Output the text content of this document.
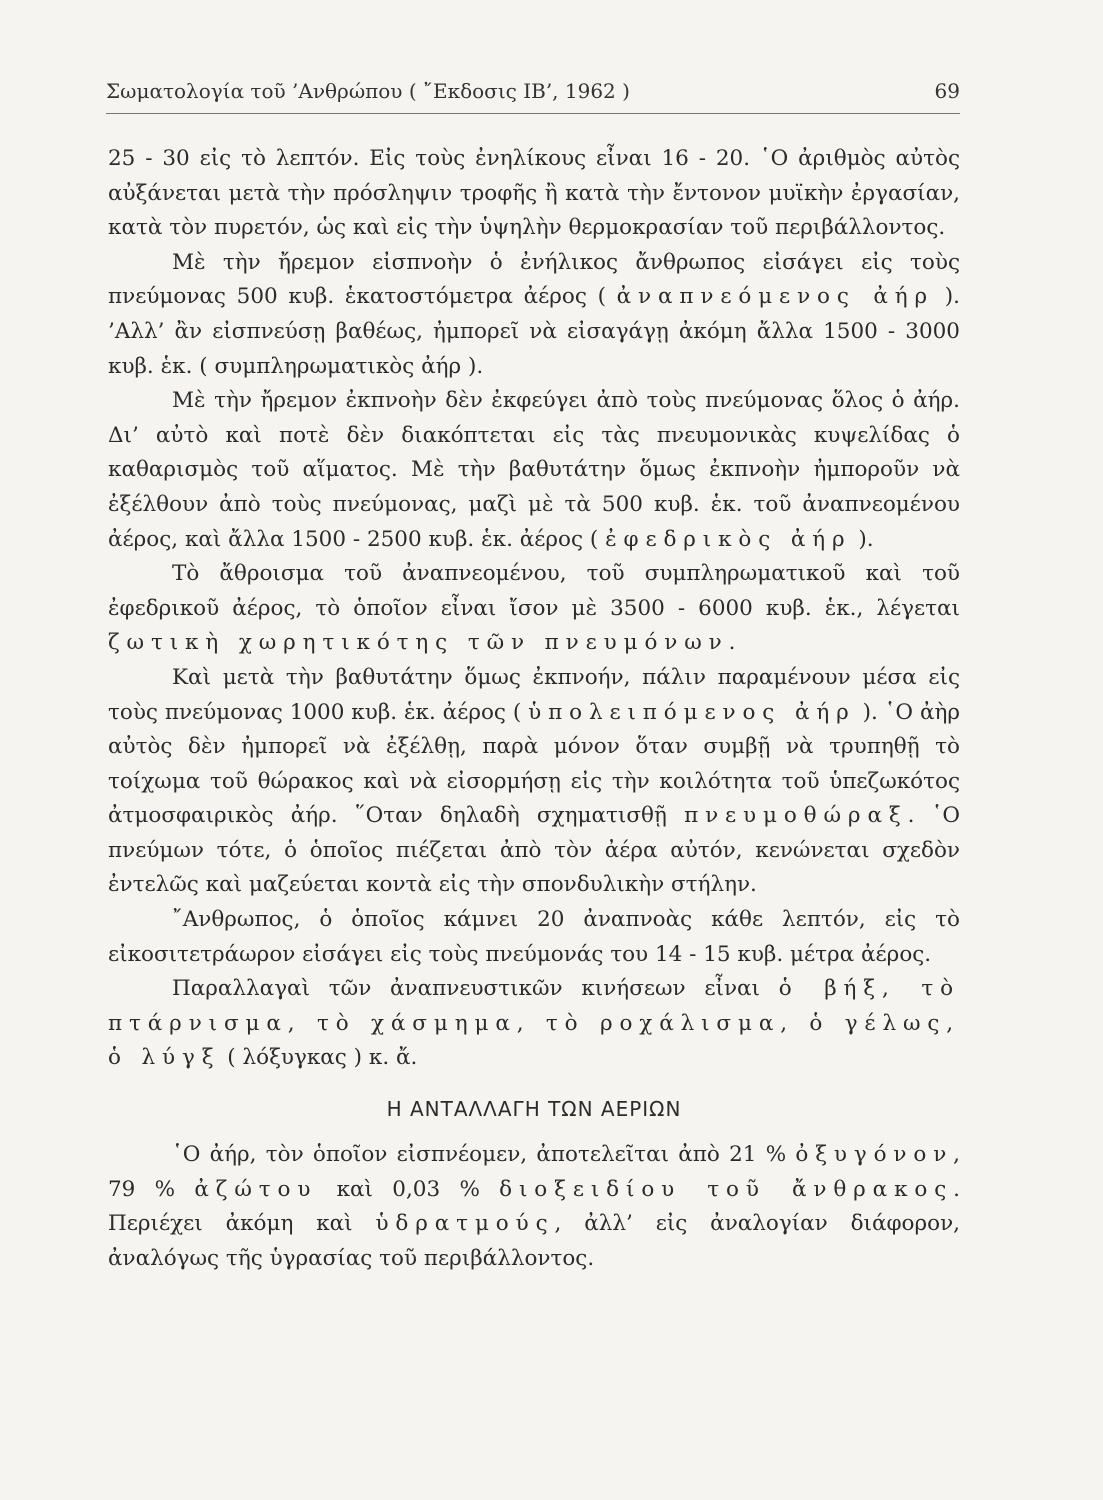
Σωματολογία τοῦ ’Ανθρώπου ( ῎Εκδοσις ΙΒ’, 1962 )	69

25 - 30 εἰς τὸ λεπτόν. Εἰς τοὺς ἐνηλίκους εἶναι 16 - 20. ῾Ο ἀριθμὸς αὐτὸς αὐξάνεται μετὰ τὴν πρόσληψιν τροφῆς ἢ κατὰ τὴν ἔντονον μυϊκὴν ἐργασίαν, κατὰ τὸν πυρετόν, ὡς καὶ εἰς τὴν ὑψηλὴν θερμοκρασίαν τοῦ περιβάλλοντος.

Μὲ τὴν ἤρεμον εἰσπνοὴν ὁ ἐνήλικος ἄνθρωπος εἰσάγει εἰς τοὺς πνεύμονας 500 κυβ. ἑκατοστόμετρα ἀέρος ( ἀναπνεόμενος ἀήρ ). ’Αλλ’ ἂν εἰσπνεύσῃ βαθέως, ἠμπορεῖ νὰ εἰσαγάγῃ ἀκόμη ἄλλα 1500 - 3000 κυβ. ἑκ. ( συμπληρωματικὸς ἀήρ ).

Μὲ τὴν ἤρεμον ἐκπνοὴν δὲν ἐκφεύγει ἀπὸ τοὺς πνεύμονας ὅλος ὁ ἀήρ. Δι’ αὐτὸ καὶ ποτὲ δὲν διακόπτεται εἰς τὰς πνευμονικὰς κυψελίδας ὁ καθαρισμὸς τοῦ αἵματος. Μὲ τὴν βαθυτάτην ὅμως ἐκπνοὴν ἠμποροῦν νὰ ἐξέλθουν ἀπὸ τοὺς πνεύμονας, μαζὶ μὲ τὰ 500 κυβ. ἑκ. τοῦ ἀναπνεομένου ἀέρος, καὶ ἄλλα 1500 - 2500 κυβ. ἑκ. ἀέρος ( ἐφεδρικὸς ἀήρ ).

Τὸ ἄθροισμα τοῦ ἀναπνεομένου, τοῦ συμπληρωματικοῦ καὶ τοῦ ἐφεδρικοῦ ἀέρος, τὸ ὁποῖον εἶναι ἴσον μὲ 3500 - 6000 κυβ. ἑκ., λέγεται ζωτικὴ χωρητικότης τῶν πνευμόνων.

Καὶ μετὰ τὴν βαθυτάτην ὅμως ἐκπνοήν, πάλιν παραμένουν μέσα εἰς τοὺς πνεύμονας 1000 κυβ. ἑκ. ἀέρος ( ὑπολειπόμενος ἀήρ ). ῾Ο ἀὴρ αὐτὸς δὲν ἠμπορεῖ νὰ ἐξέλθῃ, παρὰ μόνον ὅταν συμβῇ νὰ τρυπηθῇ τὸ τοίχωμα τοῦ θώρακος καὶ νὰ εἰσορμήσῃ εἰς τὴν κοιλότητα τοῦ ὑπεζωκότος ἀτμοσφαιρικὸς ἀήρ. ῞Οταν δηλαδὴ σχηματισθῇ πνευμοθώραξ. ῾Ο πνεύμων τότε, ὁ ὁποῖος πιέζεται ἀπὸ τὸν ἀέρα αὐτόν, κενώνεται σχεδὸν ἐντελῶς καὶ μαζεύεται κοντὰ εἰς τὴν σπονδυλικὴν στήλην.

῎Ανθρωπος, ὁ ὁποῖος κάμνει 20 ἀναπνοὰς κάθε λεπτόν, εἰς τὸ εἰκοσιτετράωρον εἰσάγει εἰς τοὺς πνεύμονάς του 14 - 15 κυβ. μέτρα ἀέρος.

Παραλλαγαὶ τῶν ἀναπνευστικῶν κινήσεων εἶναι ὁ βήξ, τὸ πτάρνισμα, τὸ χάσμημα, τὸ ροχάλισμα, ὁ γέλως, ὁ λύγξ ( λόξυγκας ) κ. ἄ.

Η ΑΝΤΑΛΛΑΓΗ ΤΩΝ ΑΕΡΙΩΝ

῾Ο ἀήρ, τὸν ὁποῖον εἰσπνέομεν, ἀποτελεῖται ἀπὸ 21 % ὀξυγόνον, 79 % ἀζώτου καὶ 0,03 % διοξειδίου τοῦ ἄνθρακος. Περιέχει ἀκόμη καὶ ὑδρατμούς, ἀλλ’ εἰς ἀναλογίαν διάφορον, ἀναλόγως τῆς ὑγρασίας τοῦ περιβάλλοντος.
